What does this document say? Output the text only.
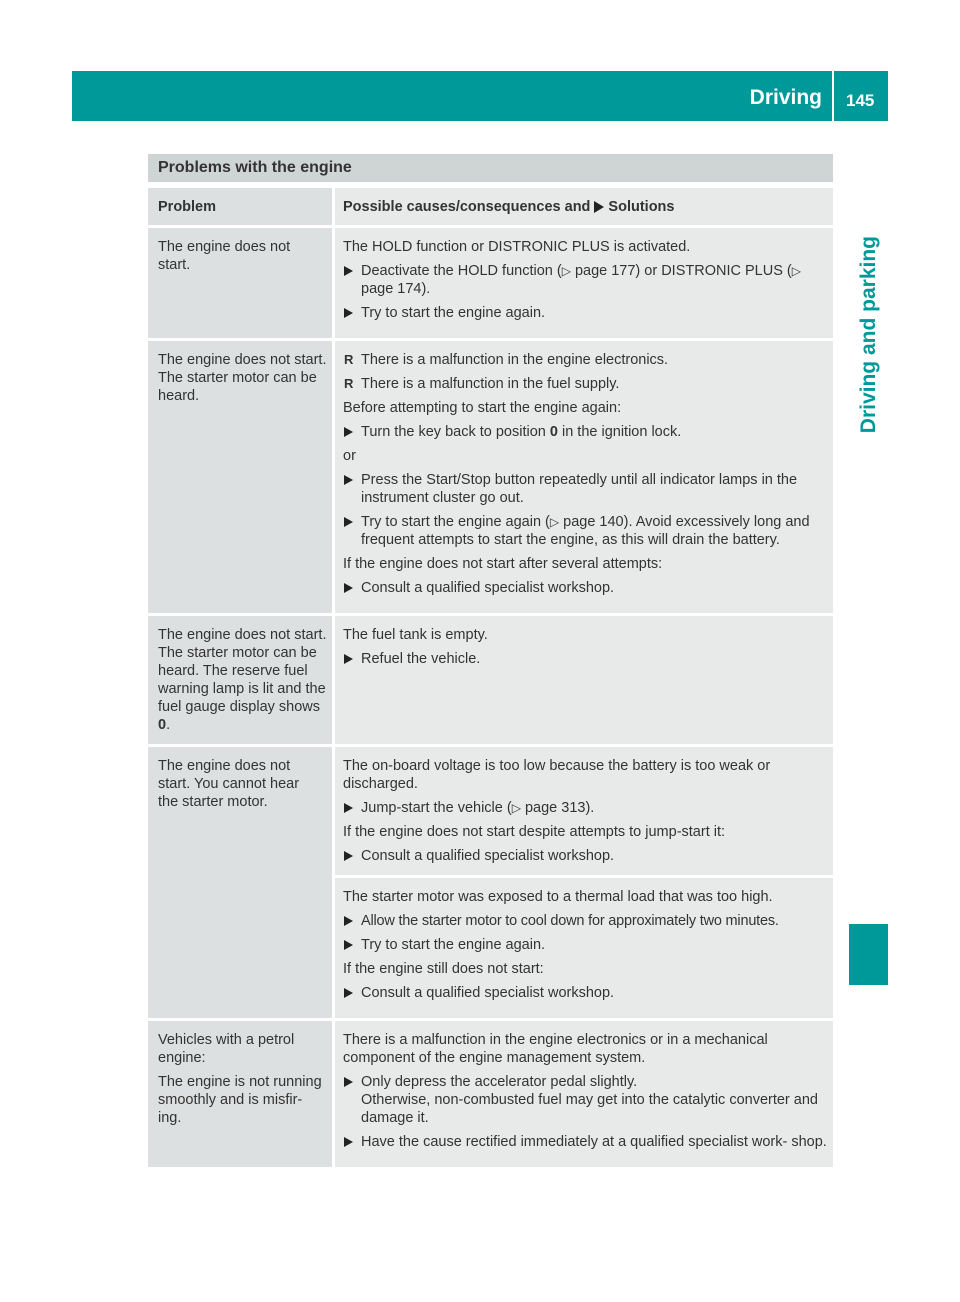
Driving 145
Driving and parking
Problems with the engine
Problem	Possible causes/consequences and Solutions
The engine does not start.
The HOLD function or DISTRONIC PLUS is activated.
Deactivate the HOLD function (▷ page 177) or DISTRONIC PLUS (▷ page 174).
Try to start the engine again.
The engine does not start. The starter motor can be heard.
R There is a malfunction in the engine electronics.
R There is a malfunction in the fuel supply.
Before attempting to start the engine again:
Turn the key back to position 0 in the ignition lock.
or
Press the Start/Stop button repeatedly until all indicator lamps in the instrument cluster go out.
Try to start the engine again (▷ page 140). Avoid excessively long and frequent attempts to start the engine, as this will drain the battery.
If the engine does not start after several attempts:
Consult a qualified specialist workshop.
The engine does not start. The starter motor can be heard. The reserve fuel warning lamp is lit and the fuel gauge display shows 0.
The fuel tank is empty.
Refuel the vehicle.
The engine does not start. You cannot hear the starter motor.
The on-board voltage is too low because the battery is too weak or discharged.
Jump-start the vehicle (▷ page 313).
If the engine does not start despite attempts to jump-start it:
Consult a qualified specialist workshop.
The starter motor was exposed to a thermal load that was too high.
Allow the starter motor to cool down for approximately two minutes.
Try to start the engine again.
If the engine still does not start:
Consult a qualified specialist workshop.
Vehicles with a petrol engine:
The engine is not running smoothly and is misfir- ing.
There is a malfunction in the engine electronics or in a mechanical component of the engine management system.
Only depress the accelerator pedal slightly.
Otherwise, non-combusted fuel may get into the catalytic converter and damage it.
Have the cause rectified immediately at a qualified specialist work- shop.
